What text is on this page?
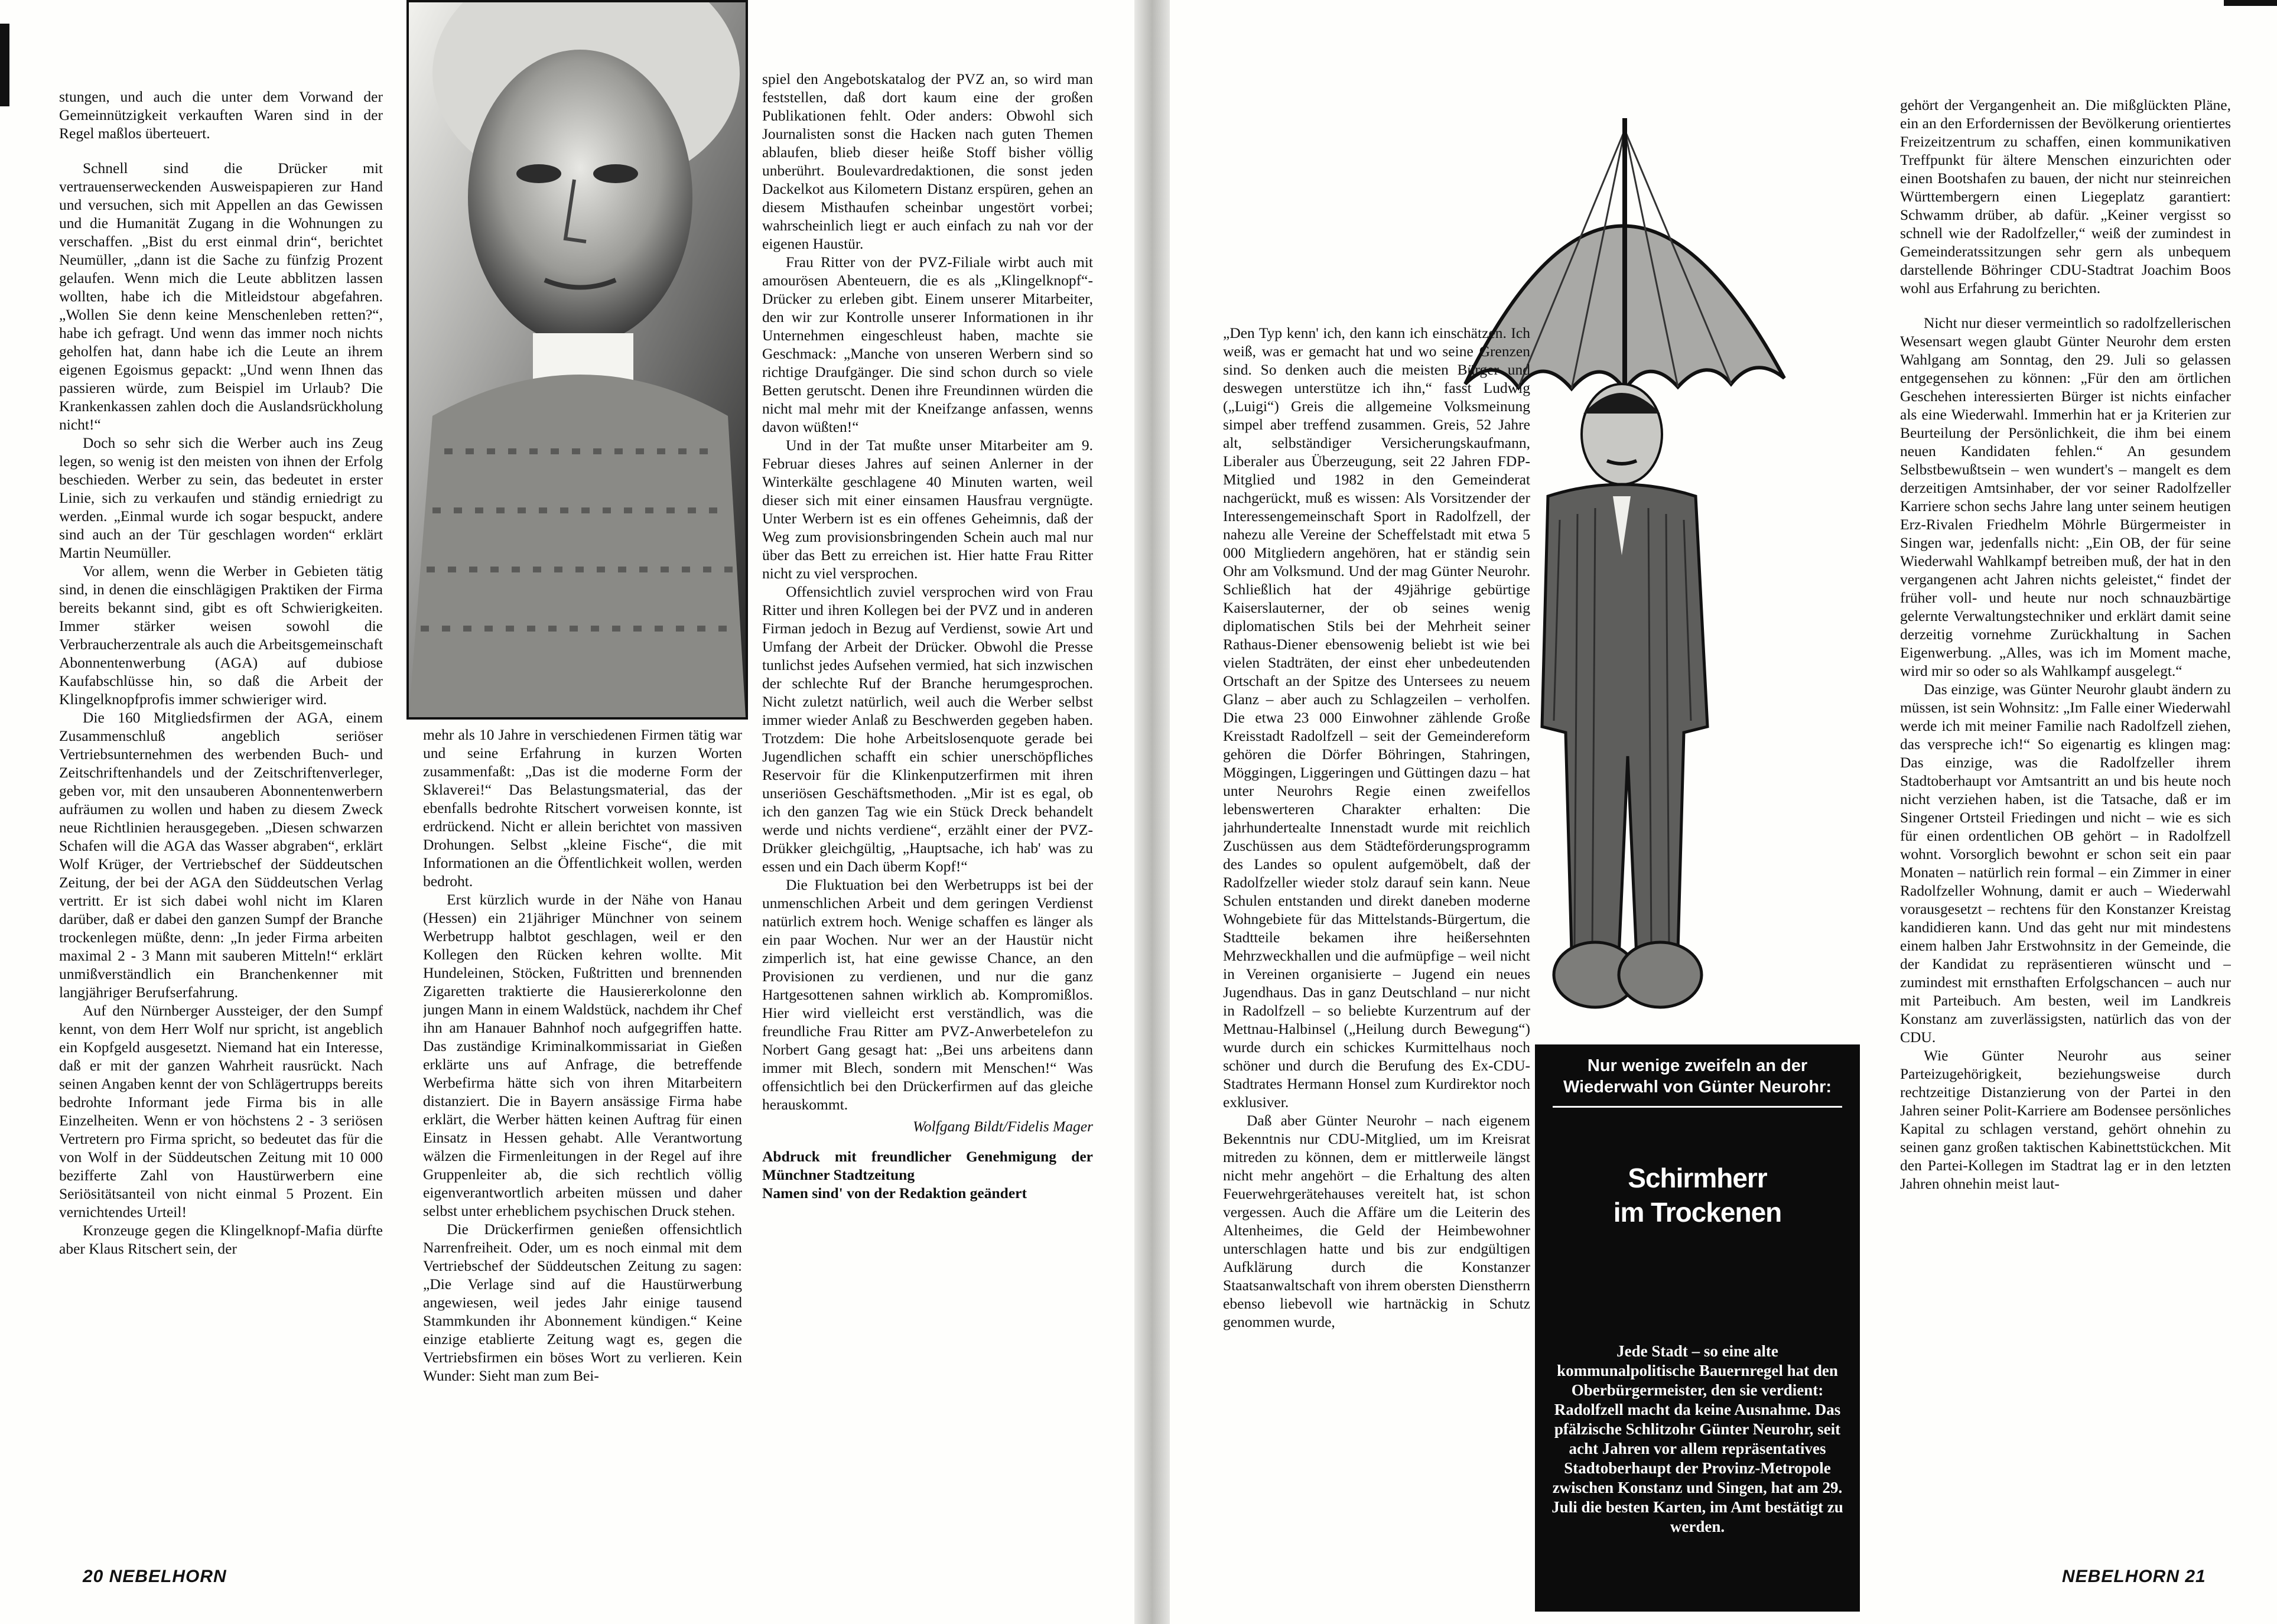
stungen, und auch die unter dem Vorwand der Gemeinnützigkeit verkauften Waren sind in der Regel maßlos überteuert.

Schnell sind die Drücker mit vertrauenserweckenden Ausweispapieren zur Hand und versuchen, sich mit Appellen an das Gewissen und die Humanität Zugang in die Wohnungen zu verschaffen. „Bist du erst einmal drin“, berichtet Neumüller, „dann ist die Sache zu fünfzig Prozent gelaufen. Wenn mich die Leute abblitzen lassen wollten, habe ich die Mitleidstour abgefahren. „Wollen Sie denn keine Menschenleben retten?“, habe ich gefragt. Und wenn das immer noch nichts geholfen hat, dann habe ich die Leute an ihrem eigenen Egoismus gepackt: „Und wenn Ihnen das passieren würde, zum Beispiel im Urlaub? Die Krankenkassen zahlen doch die Auslandsrückholung nicht!“

Doch so sehr sich die Werber auch ins Zeug legen, so wenig ist den meisten von ihnen der Erfolg beschieden. Werber zu sein, das bedeutet in erster Linie, sich zu verkaufen und ständig erniedrigt zu werden. „Einmal wurde ich sogar bespuckt, andere sind auch an der Tür geschlagen worden“ erklärt Martin Neumüller.

Vor allem, wenn die Werber in Gebieten tätig sind, in denen die einschlägigen Praktiken der Firma bereits bekannt sind, gibt es oft Schwierigkeiten. Immer stärker weisen sowohl die Verbraucherzentrale als auch die Arbeitsgemeinschaft Abonnentenwerbung (AGA) auf dubiose Kaufabschlüsse hin, so daß die Arbeit der Klingelknopfprofis immer schwieriger wird.

Die 160 Mitgliedsfirmen der AGA, einem Zusammenschluß angeblich seriöser Vertriebsunternehmen des werbenden Buch- und Zeitschriftenhandels und der Zeitschriftenverleger, geben vor, mit den unsauberen Abonnentenwerbern aufräumen zu wollen und haben zu diesem Zweck neue Richtlinien herausgegeben. „Diesen schwarzen Schafen will die AGA das Wasser abgraben“, erklärt Wolf Krüger, der Vertriebschef der Süddeutschen Zeitung, der bei der AGA den Süddeutschen Verlag vertritt. Er ist sich dabei wohl nicht im Klaren darüber, daß er dabei den ganzen Sumpf der Branche trockenlegen müßte, denn: „In jeder Firma arbeiten maximal 2 - 3 Mann mit sauberen Mitteln!“ erklärt unmißverständlich ein Branchenkenner mit langjähriger Berufserfahrung.

Auf den Nürnberger Aussteiger, der den Sumpf kennt, von dem Herr Wolf nur spricht, ist angeblich ein Kopfgeld ausgesetzt. Niemand hat ein Interesse, daß er mit der ganzen Wahrheit rausrückt. Nach seinen Angaben kennt der von Schlägertrupps bereits bedrohte Informant jede Firma bis in alle Einzelheiten. Wenn er von höchstens 2 - 3 seriösen Vertretern pro Firma spricht, so bedeutet das für die von Wolf in der Süddeutschen Zeitung mit 10 000 bezifferte Zahl von Haustürwerbern eine Seriösitätsanteil von nicht einmal 5 Prozent. Ein vernichtendes Urteil!

Kronzeuge gegen die Klingelknopf-Mafia dürfte aber Klaus Ritschert sein, der

mehr als 10 Jahre in verschiedenen Firmen tätig war und seine Erfahrung in kurzen Worten zusammenfaßt: „Das ist die moderne Form der Sklaverei!“ Das Belastungsmaterial, das der ebenfalls bedrohte Ritschert vorweisen konnte, ist erdrückend. Nicht er allein berichtet von massiven Drohungen. Selbst „kleine Fische“, die mit Informationen an die Öffentlichkeit wollen, werden bedroht.

Erst kürzlich wurde in der Nähe von Hanau (Hessen) ein 21jähriger Münchner von seinem Werbetrupp halbtot geschlagen, weil er den Kollegen den Rücken kehren wollte. Mit Hundeleinen, Stöcken, Fußtritten und brennenden Zigaretten traktierte die Hausiererkolonne den jungen Mann in einem Waldstück, nachdem ihr Chef ihn am Hanauer Bahnhof noch aufgegriffen hatte. Das zuständige Kriminalkommissariat in Gießen erklärte uns auf Anfrage, die betreffende Werbefirma hätte sich von ihren Mitarbeitern distanziert. Die in Bayern ansässige Firma habe erklärt, die Werber hätten keinen Auftrag für einen Einsatz in Hessen gehabt. Alle Verantwortung wälzen die Firmenleitungen in der Regel auf ihre Gruppenleiter ab, die sich rechtlich völlig eigenverantwortlich arbeiten müssen und daher selbst unter erheblichem psychischen Druck stehen.

Die Drückerfirmen genießen offensichtlich Narrenfreiheit. Oder, um es noch einmal mit dem Vertriebschef der Süddeutschen Zeitung zu sagen: „Die Verlage sind auf die Haustürwerbung angewiesen, weil jedes Jahr einige tausend Stammkunden ihr Abonnement kündigen.“ Keine einzige etablierte Zeitung wagt es, gegen die Vertriebsfirmen ein böses Wort zu verlieren. Kein Wunder: Sieht man zum Bei-

spiel den Angebotskatalog der PVZ an, so wird man feststellen, daß dort kaum eine der großen Publikationen fehlt. Oder anders: Obwohl sich Journalisten sonst die Hacken nach guten Themen ablaufen, blieb dieser heiße Stoff bisher völlig unberührt. Boulevardredaktionen, die sonst jeden Dackelkot aus Kilometern Distanz erspüren, gehen an diesem Misthaufen scheinbar ungestört vorbei; wahrscheinlich liegt er auch einfach zu nah vor der eigenen Haustür.

Frau Ritter von der PVZ-Filiale wirbt auch mit amourösen Abenteuern, die es als „Klingelknopf“-Drücker zu erleben gibt. Einem unserer Mitarbeiter, den wir zur Kontrolle unserer Informationen in ihr Unternehmen eingeschleust haben, machte sie Geschmack: „Manche von unseren Werbern sind so richtige Draufgänger. Die sind schon durch so viele Betten gerutscht. Denen ihre Freundinnen würden die nicht mal mehr mit der Kneifzange anfassen, wenns davon wüßten!“

Und in der Tat mußte unser Mitarbeiter am 9. Februar dieses Jahres auf seinen Anlerner in der Winterkälte geschlagene 40 Minuten warten, weil dieser sich mit einer einsamen Hausfrau vergnügte. Unter Werbern ist es ein offenes Geheimnis, daß der Weg zum provisionsbringenden Schein auch mal nur über das Bett zu erreichen ist. Hier hatte Frau Ritter nicht zu viel versprochen.

Offensichtlich zuviel versprochen wird von Frau Ritter und ihren Kollegen bei der PVZ und in anderen Firman jedoch in Bezug auf Verdienst, sowie Art und Umfang der Arbeit der Drücker. Obwohl die Presse tunlichst jedes Aufsehen vermied, hat sich inzwischen der schlechte Ruf der Branche herumgesprochen. Nicht zuletzt natürlich, weil auch die Werber selbst immer wieder Anlaß zu Beschwerden gegeben haben. Trotzdem: Die hohe Arbeitslosenquote gerade bei Jugendlichen schafft ein schier unerschöpfliches Reservoir für die Klinkenputzerfirmen mit ihren unseriösen Geschäftsmethoden. „Mir ist es egal, ob ich den ganzen Tag wie ein Stück Dreck behandelt werde und nichts verdiene“, erzählt einer der PVZ-Drükker gleichgültig, „Hauptsache, ich hab' was zu essen und ein Dach überm Kopf!“

Die Fluktuation bei den Werbetrupps ist bei der unmenschlichen Arbeit und dem geringen Verdienst natürlich extrem hoch. Wenige schaffen es länger als ein paar Wochen. Nur wer an der Haustür nicht zimperlich ist, hat eine gewisse Chance, an den Provisionen zu verdienen, und nur die ganz Hartgesottenen sahnen wirklich ab. Kompromißlos. Hier wird vielleicht erst verständlich, was die freundliche Frau Ritter am PVZ-Anwerbetelefon zu Norbert Gang gesagt hat: „Bei uns arbeitens dann immer mit Blech, sondern mit Menschen!“ Was offensichtlich bei den Drückerfirmen auf das gleiche herauskommt.

Wolfgang Bildt/Fidelis Mager

Abdruck mit freundlicher Genehmigung der Münchner Stadtzeitung

Namen sind' von der Redaktion geändert

20 NEBELHORN

„Den Typ kenn' ich, den kann ich einschätzen. Ich weiß, was er gemacht hat und wo seine Grenzen sind. So denken auch die meisten Bürger und deswegen unterstütze ich ihn,“ fasst Ludwig („Luigi“) Greis die allgemeine Volksmeinung simpel aber treffend zusammen. Greis, 52 Jahre alt, selbständiger Versicherungskaufmann, Liberaler aus Überzeugung, seit 22 Jahren FDP-Mitglied und 1982 in den Gemeinderat nachgerückt, muß es wissen: Als Vorsitzender der Interessengemeinschaft Sport in Radolfzell, der nahezu alle Vereine der Scheffelstadt mit etwa 5 000 Mitgliedern angehören, hat er ständig sein Ohr am Volksmund. Und der mag Günter Neurohr. Schließlich hat der 49jährige gebürtige Kaiserslauterner, der ob seines wenig diplomatischen Stils bei der Mehrheit seiner Rathaus-Diener ebensowenig beliebt ist wie bei vielen Stadträten, der einst eher unbedeutenden Ortschaft an der Spitze des Untersees zu neuem Glanz – aber auch zu Schlagzeilen – verholfen. Die etwa 23 000 Einwohner zählende Große Kreisstadt Radolfzell – seit der Gemeindereform gehören die Dörfer Böhringen, Stahringen, Möggingen, Liggeringen und Güttingen dazu – hat unter Neurohrs Regie einen zweifellos lebenswerteren Charakter erhalten: Die jahrhundertealte Innenstadt wurde mit reichlich Zuschüssen aus dem Städteförderungsprogramm des Landes so opulent aufgemöbelt, daß der Radolfzeller wieder stolz darauf sein kann. Neue Schulen entstanden und direkt daneben moderne Wohngebiete für das Mittelstands-Bürgertum, die Stadtteile bekamen ihre heißersehnten Mehrzweckhallen und die aufmüpfige – weil nicht in Vereinen organisierte – Jugend ein neues Jugendhaus. Das in ganz Deutschland – nur nicht in Radolfzell – so beliebte Kurzentrum auf der Mettnau-Halbinsel („Heilung durch Bewegung“) wurde durch ein schickes Kurmittelhaus noch schöner und durch die Berufung des Ex-CDU-Stadtrates Hermann Honsel zum Kurdirektor noch exklusiver.

Daß aber Günter Neurohr – nach eigenem Bekenntnis nur CDU-Mitglied, um im Kreisrat mitreden zu können, dem er mittlerweile längst nicht mehr angehört – die Erhaltung des alten Feuerwehrgerätehauses vereitelt hat, ist schon vergessen. Auch die Affäre um die Leiterin des Altenheimes, die Geld der Heimbewohner unterschlagen hatte und bis zur endgültigen Aufklärung durch die Konstanzer Staatsanwaltschaft von ihrem obersten Dienstherrn ebenso liebevoll wie hartnäckig in Schutz genommen wurde,

gehört der Vergangenheit an. Die mißglückten Pläne, ein an den Erfordernissen der Bevölkerung orientiertes Freizeitzentrum zu schaffen, einen kommunikativen Treffpunkt für ältere Menschen einzurichten oder einen Bootshafen zu bauen, der nicht nur steinreichen Württembergern einen Liegeplatz garantiert: Schwamm drüber, ab dafür. „Keiner vergisst so schnell wie der Radolfzeller,“ weiß der zumindest in Gemeinderatssitzungen sehr gern als unbequem darstellende Böhringer CDU-Stadtrat Joachim Boos wohl aus Erfahrung zu berichten.

Nicht nur dieser vermeintlich so radolfzellerischen Wesensart wegen glaubt Günter Neurohr dem ersten Wahlgang am Sonntag, den 29. Juli so gelassen entgegensehen zu können: „Für den am örtlichen Geschehen interessierten Bürger ist nichts einfacher als eine Wiederwahl. Immerhin hat er ja Kriterien zur Beurteilung der Persönlichkeit, die ihm bei einem neuen Kandidaten fehlen.“ An gesundem Selbstbewußtsein – wen wundert's – mangelt es dem derzeitigen Amtsinhaber, der vor seiner Radolfzeller Karriere schon sechs Jahre lang unter seinem heutigen Erz-Rivalen Friedhelm Möhrle Bürgermeister in Singen war, jedenfalls nicht: „Ein OB, der für seine Wiederwahl Wahlkampf betreiben muß, der hat in den vergangenen acht Jahren nichts geleistet,“ findet der früher voll- und heute nur noch schnauzbärtige gelernte Verwaltungstechniker und erklärt damit seine derzeitig vornehme Zurückhaltung in Sachen Eigenwerbung. „Alles, was ich im Moment mache, wird mir so oder so als Wahlkampf ausgelegt.“

Das einzige, was Günter Neurohr glaubt ändern zu müssen, ist sein Wohnsitz: „Im Falle einer Wiederwahl werde ich mit meiner Familie nach Radolfzell ziehen, das verspreche ich!“ So eigenartig es klingen mag: Das einzige, was die Radolfzeller ihrem Stadtoberhaupt vor Amtsantritt an und bis heute noch nicht verziehen haben, ist die Tatsache, daß er im Singener Ortsteil Friedingen und nicht – wie es sich für einen ordentlichen OB gehört – in Radolfzell wohnt. Vorsorglich bewohnt er schon seit ein paar Monaten – natürlich rein formal – ein Zimmer in einer Radolfzeller Wohnung, damit er auch – Wiederwahl vorausgesetzt – rechtens für den Konstanzer Kreistag kandidieren kann. Und das geht nur mit mindestens einem halben Jahr Erstwohnsitz in der Gemeinde, die der Kandidat zu repräsentieren wünscht und – zumindest mit ernsthaften Erfolgschancen – auch nur mit Parteibuch. Am besten, weil im Landkreis Konstanz am zuverlässigsten, natürlich das von der CDU.

Wie Günter Neurohr aus seiner Parteizugehörigkeit, beziehungsweise durch rechtzeitige Distanzierung von der Partei in den Jahren seiner Polit-Karriere am Bodensee persönliches Kapital zu schlagen verstand, gehört ohnehin zu seinen ganz großen taktischen Kabinettstückchen. Mit den Partei-Kollegen im Stadtrat lag er in den letzten Jahren ohnehin meist laut-

NEBELHORN 21
Nur wenige zweifeln an der Wiederwahl von Günter Neurohr:
Schirmherr
im Trockenen
Jede Stadt – so eine alte kommunalpolitische Bauernregel hat den Oberbürgermeister, den sie verdient: Radolfzell macht da keine Ausnahme. Das pfälzische Schlitzohr Günter Neurohr, seit acht Jahren vor allem repräsentatives Stadtoberhaupt der Provinz-Metropole zwischen Konstanz und Singen, hat am 29. Juli die besten Karten, im Amt bestätigt zu werden.
